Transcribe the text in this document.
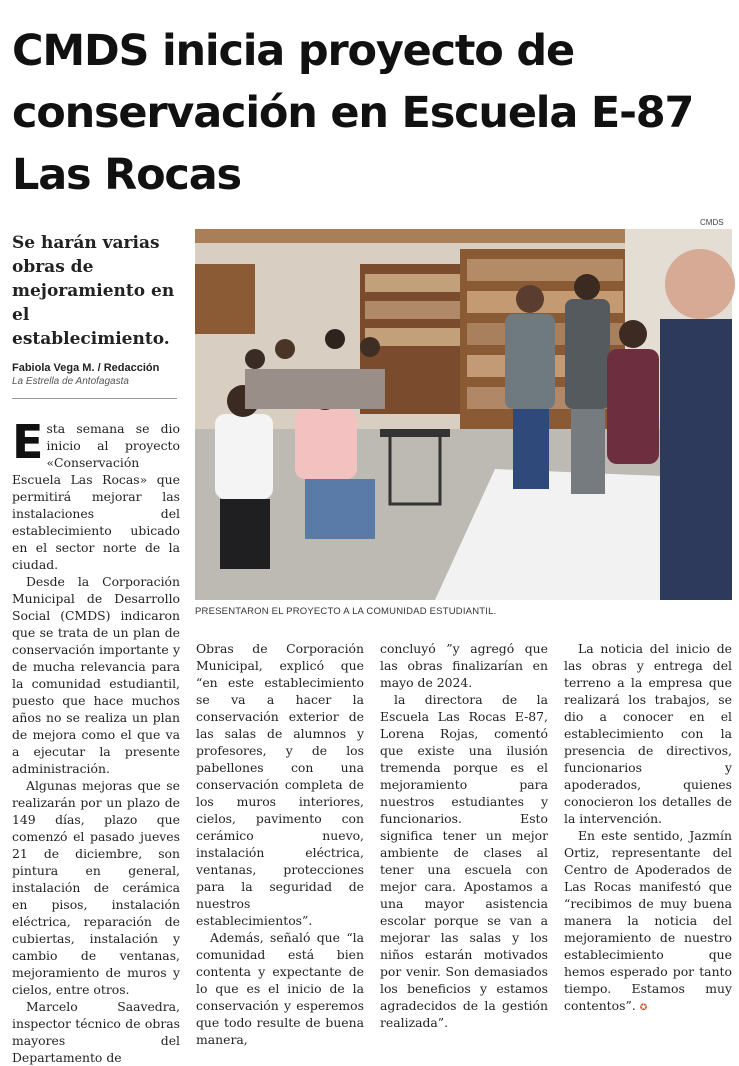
CMDS inicia proyecto de conservación en Escuela E-87 Las Rocas
CMDS
PRESENTARON EL PROYECTO A LA COMUNIDAD ESTUDIANTIL.
Se harán varias obras de mejoramiento en el establecimiento.
Fabiola Vega M. / Redacción
La Estrella de Antofagasta

Esta semana se dio inicio al proyecto «Conservación Escuela Las Rocas» que permitirá mejorar las instalaciones del establecimiento ubicado en el sector norte de la ciudad.

Desde la Corporación Municipal de Desarrollo Social (CMDS) indicaron que se trata de un plan de conservación importante y de mucha relevancia para la comunidad estudiantil, puesto que hace muchos años no se realiza un plan de mejora como el que va a ejecutar la presente administración.

Algunas mejoras que se realizarán por un plazo de 149 días, plazo que comenzó el pasado jueves 21 de diciembre, son pintura en general, instalación de cerámica en pisos, instalación eléctrica, reparación de cubiertas, instalación y cambio de ventanas, mejoramiento de muros y cielos, entre otros.

Marcelo Saavedra, inspector técnico de obras mayores del Departamento de

Obras de Corporación Municipal, explicó que “en este establecimiento se va a hacer la conservación exterior de las salas de alumnos y profesores, y de los pabellones con una conservación completa de los muros interiores, cielos, pavimento con cerámico nuevo, instalación eléctrica, ventanas, protecciones para la seguridad de nuestros establecimientos”.

Además, señaló que “la comunidad está bien contenta y expectante de lo que es el inicio de la conservación y esperemos que todo resulte de buena manera,

concluyó ”y agregó que las obras finalizarían en mayo de 2024.

la directora de la Escuela Las Rocas E-87, Lorena Rojas, comentó que existe una ilusión tremenda porque es el mejoramiento para nuestros estudiantes y funcionarios. Esto significa tener un mejor ambiente de clases al tener una escuela con mejor cara. Apostamos a una mayor asistencia escolar porque se van a mejorar las salas y los niños estarán motivados por venir. Son demasiados los beneficios y estamos agradecidos de la gestión realizada”.

La noticia del inicio de las obras y entrega del terreno a la empresa que realizará los trabajos, se dio a conocer en el establecimiento con la presencia de directivos, funcionarios y apoderados, quienes conocieron los detalles de la intervención.

En este sentido, Jazmín Ortiz, representante del Centro de Apoderados de Las Rocas manifestó que “recibimos de muy buena manera la noticia del mejoramiento de nuestro establecimiento que hemos esperado por tanto tiempo. Estamos muy contentos”. ✪
